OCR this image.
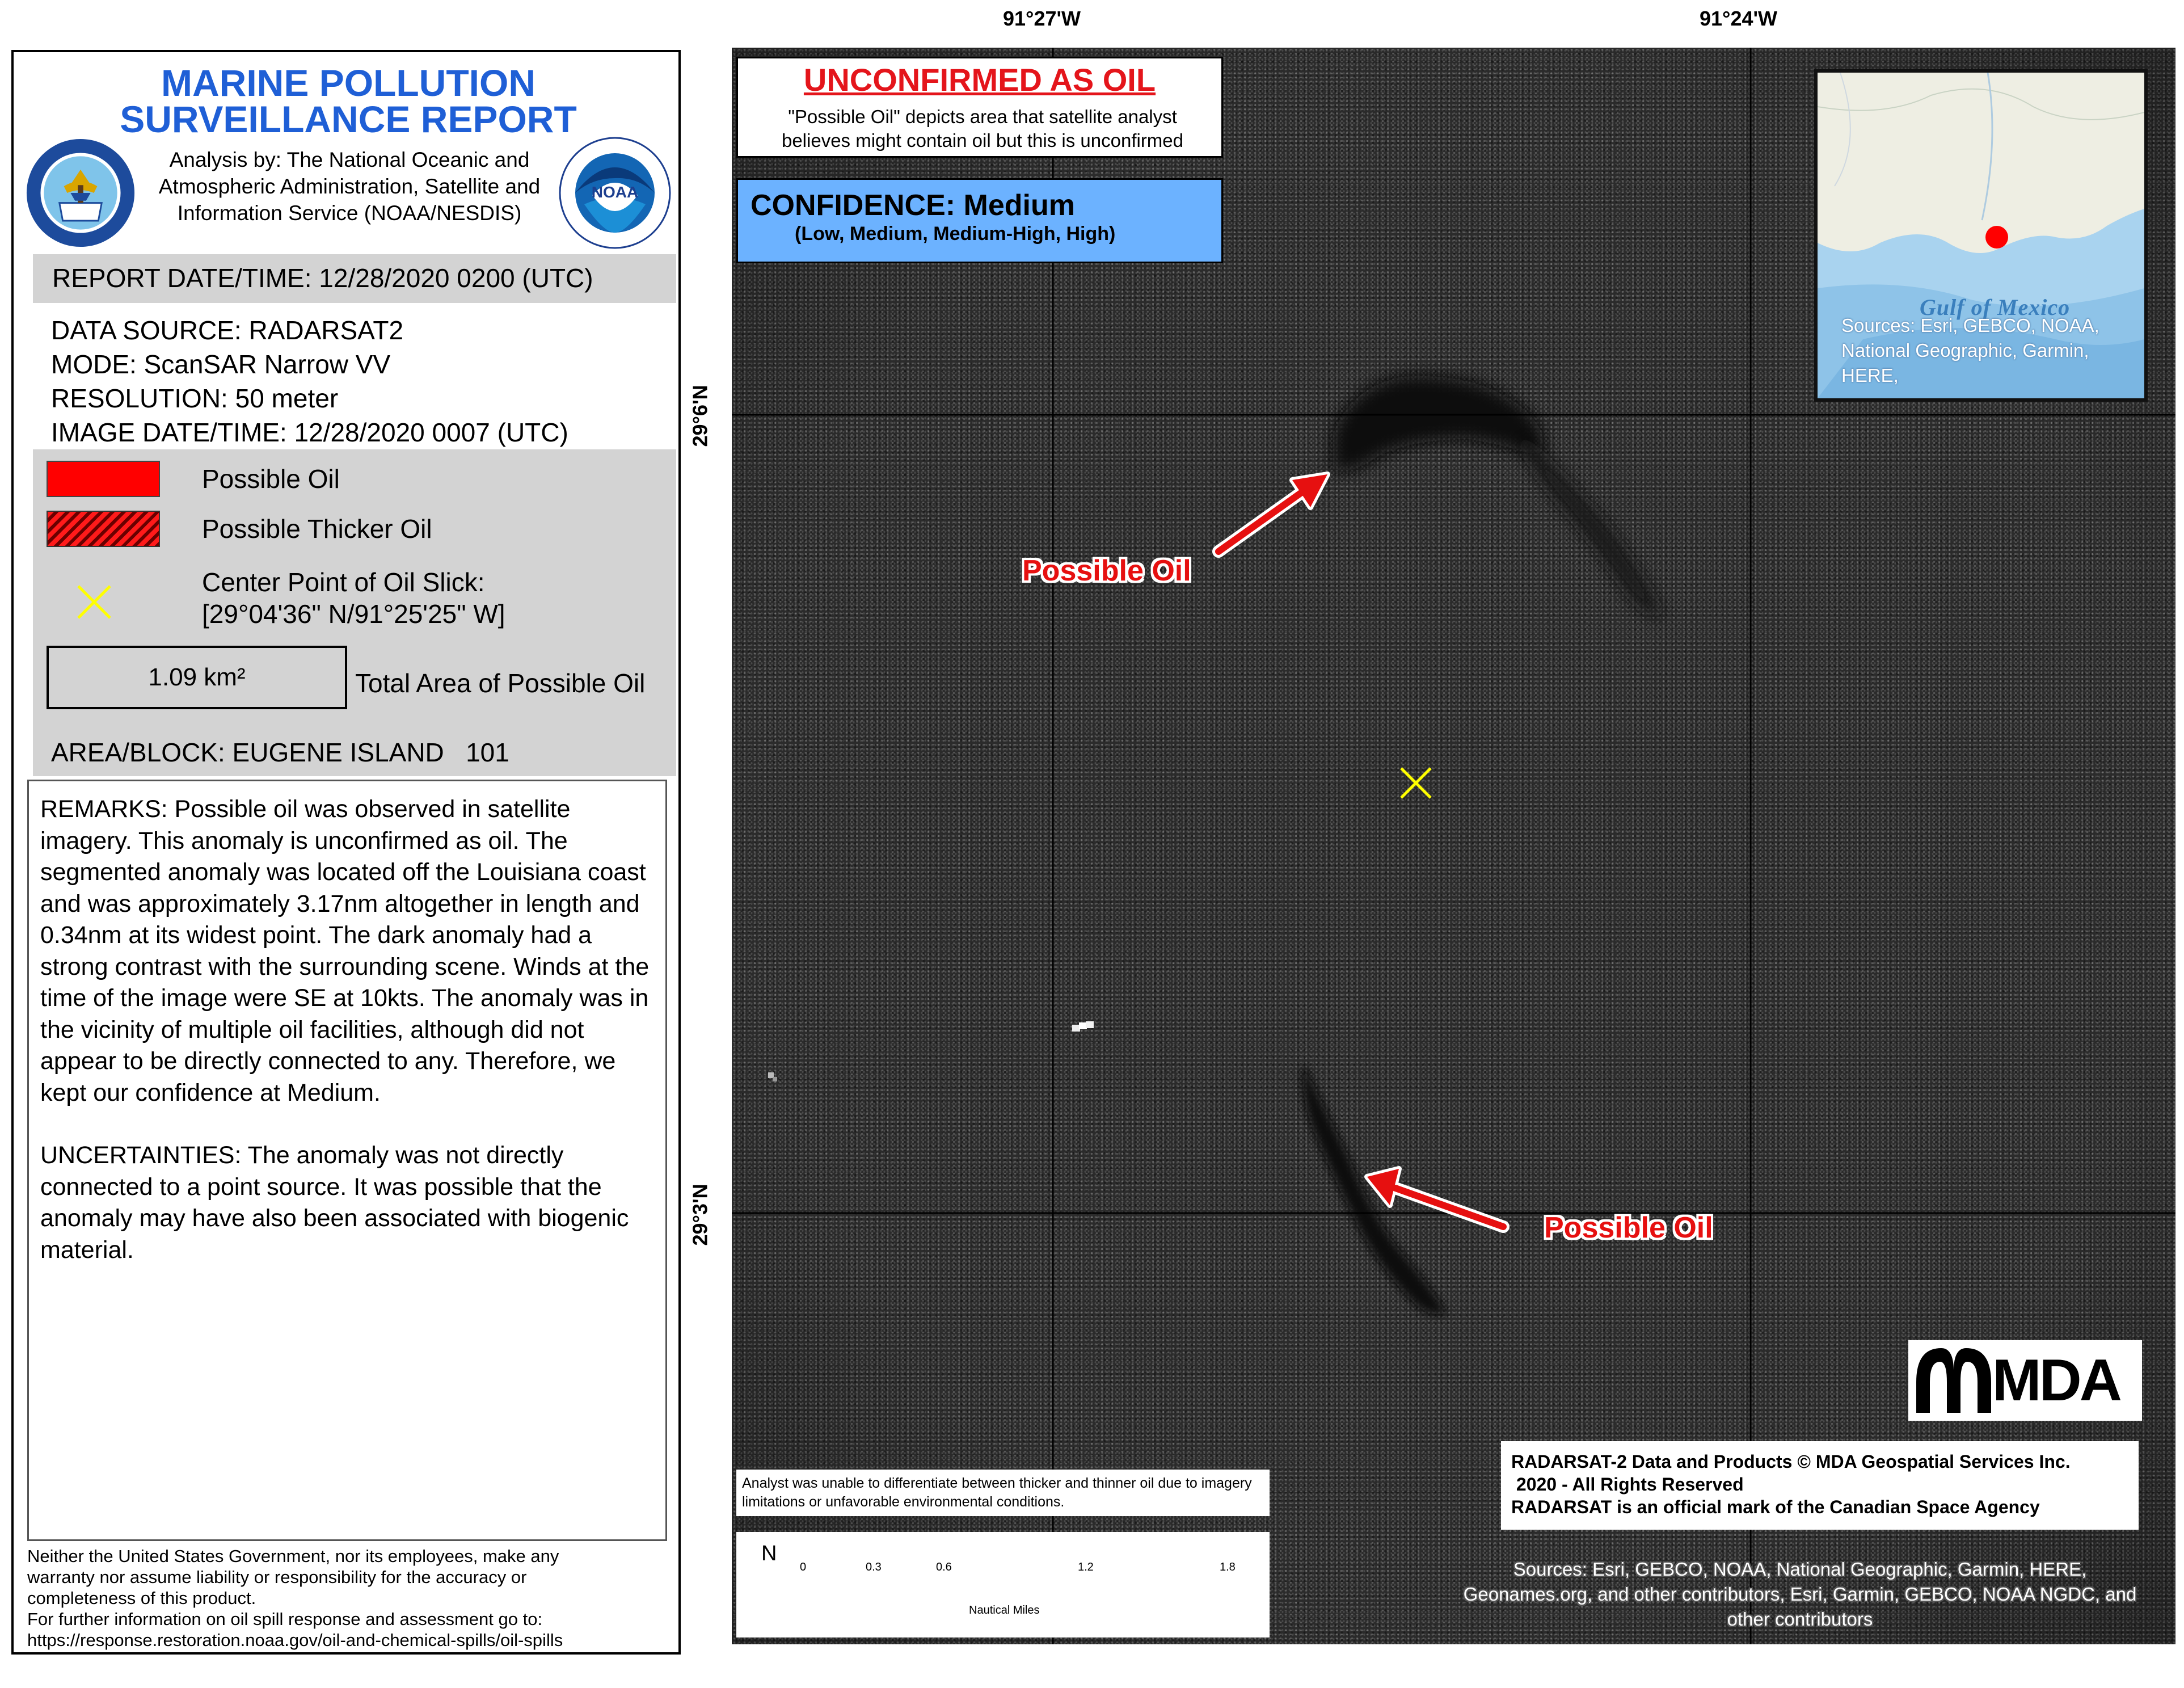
MARINE POLLUTION
SURVEILLANCE REPORT
Analysis by: The National Oceanic and
Atmospheric Administration, Satellite and
Information Service (NOAA/NESDIS)
NOAA
REPORT DATE/TIME: 12/28/2020 0200 (UTC)
DATA SOURCE: RADARSAT2
MODE: ScanSAR Narrow VV
RESOLUTION: 50 meter
IMAGE DATE/TIME: 12/28/2020 0007 (UTC)
Possible Oil
Possible Thicker Oil
Center Point of Oil Slick:
[29°04'36" N/91°25'25" W]
1.09 km²	Total Area of Possible Oil
AREA/BLOCK: EUGENE ISLAND   101

REMARKS: Possible oil was observed in satellite imagery. This anomaly is unconfirmed as oil. The segmented anomaly was located off the Louisiana coast and was approximately 3.17nm altogether in length and 0.34nm at its widest point. The dark anomaly had a strong contrast with the surrounding scene. Winds at the time of the image were SE at 10kts. The anomaly was in the vicinity of multiple oil facilities, although did not appear to be directly connected to any. Therefore, we kept our confidence at Medium.

UNCERTAINTIES: The anomaly was not directly connected to a point source. It was possible that the anomaly may have also been associated with biogenic material.

Neither the United States Government, nor its employees, make any
warranty nor assume liability or responsibility for the accuracy or
completeness of this product.
For further information on oil spill response and assessment go to:
https://response.restoration.noaa.gov/oil-and-chemical-spills/oil-spills
91°27'W	91°24'W
29°6'N
29°3'N
UNCONFIRMED AS OIL
"Possible Oil" depicts area that satellite analyst
believes might contain oil but this is unconfirmed
CONFIDENCE: Medium
(Low, Medium, Medium-High, High)
Gulf of Mexico
Sources: Esri, GEBCO, NOAA, National Geographic, Garmin, HERE,
Possible Oil
Possible Oil
MDA
RADARSAT-2 Data and Products © MDA Geospatial Services Inc.
2020 - All Rights Reserved
RADARSAT is an official mark of the Canadian Space Agency
Analyst was unable to differentiate between thicker and thinner oil due to imagery limitations or unfavorable environmental conditions.
N
0	0.3	0.6	1.2	1.8
Nautical Miles
Sources: Esri, GEBCO, NOAA, National Geographic, Garmin, HERE, Geonames.org, and other contributors, Esri, Garmin, GEBCO, NOAA NGDC, and other contributors
